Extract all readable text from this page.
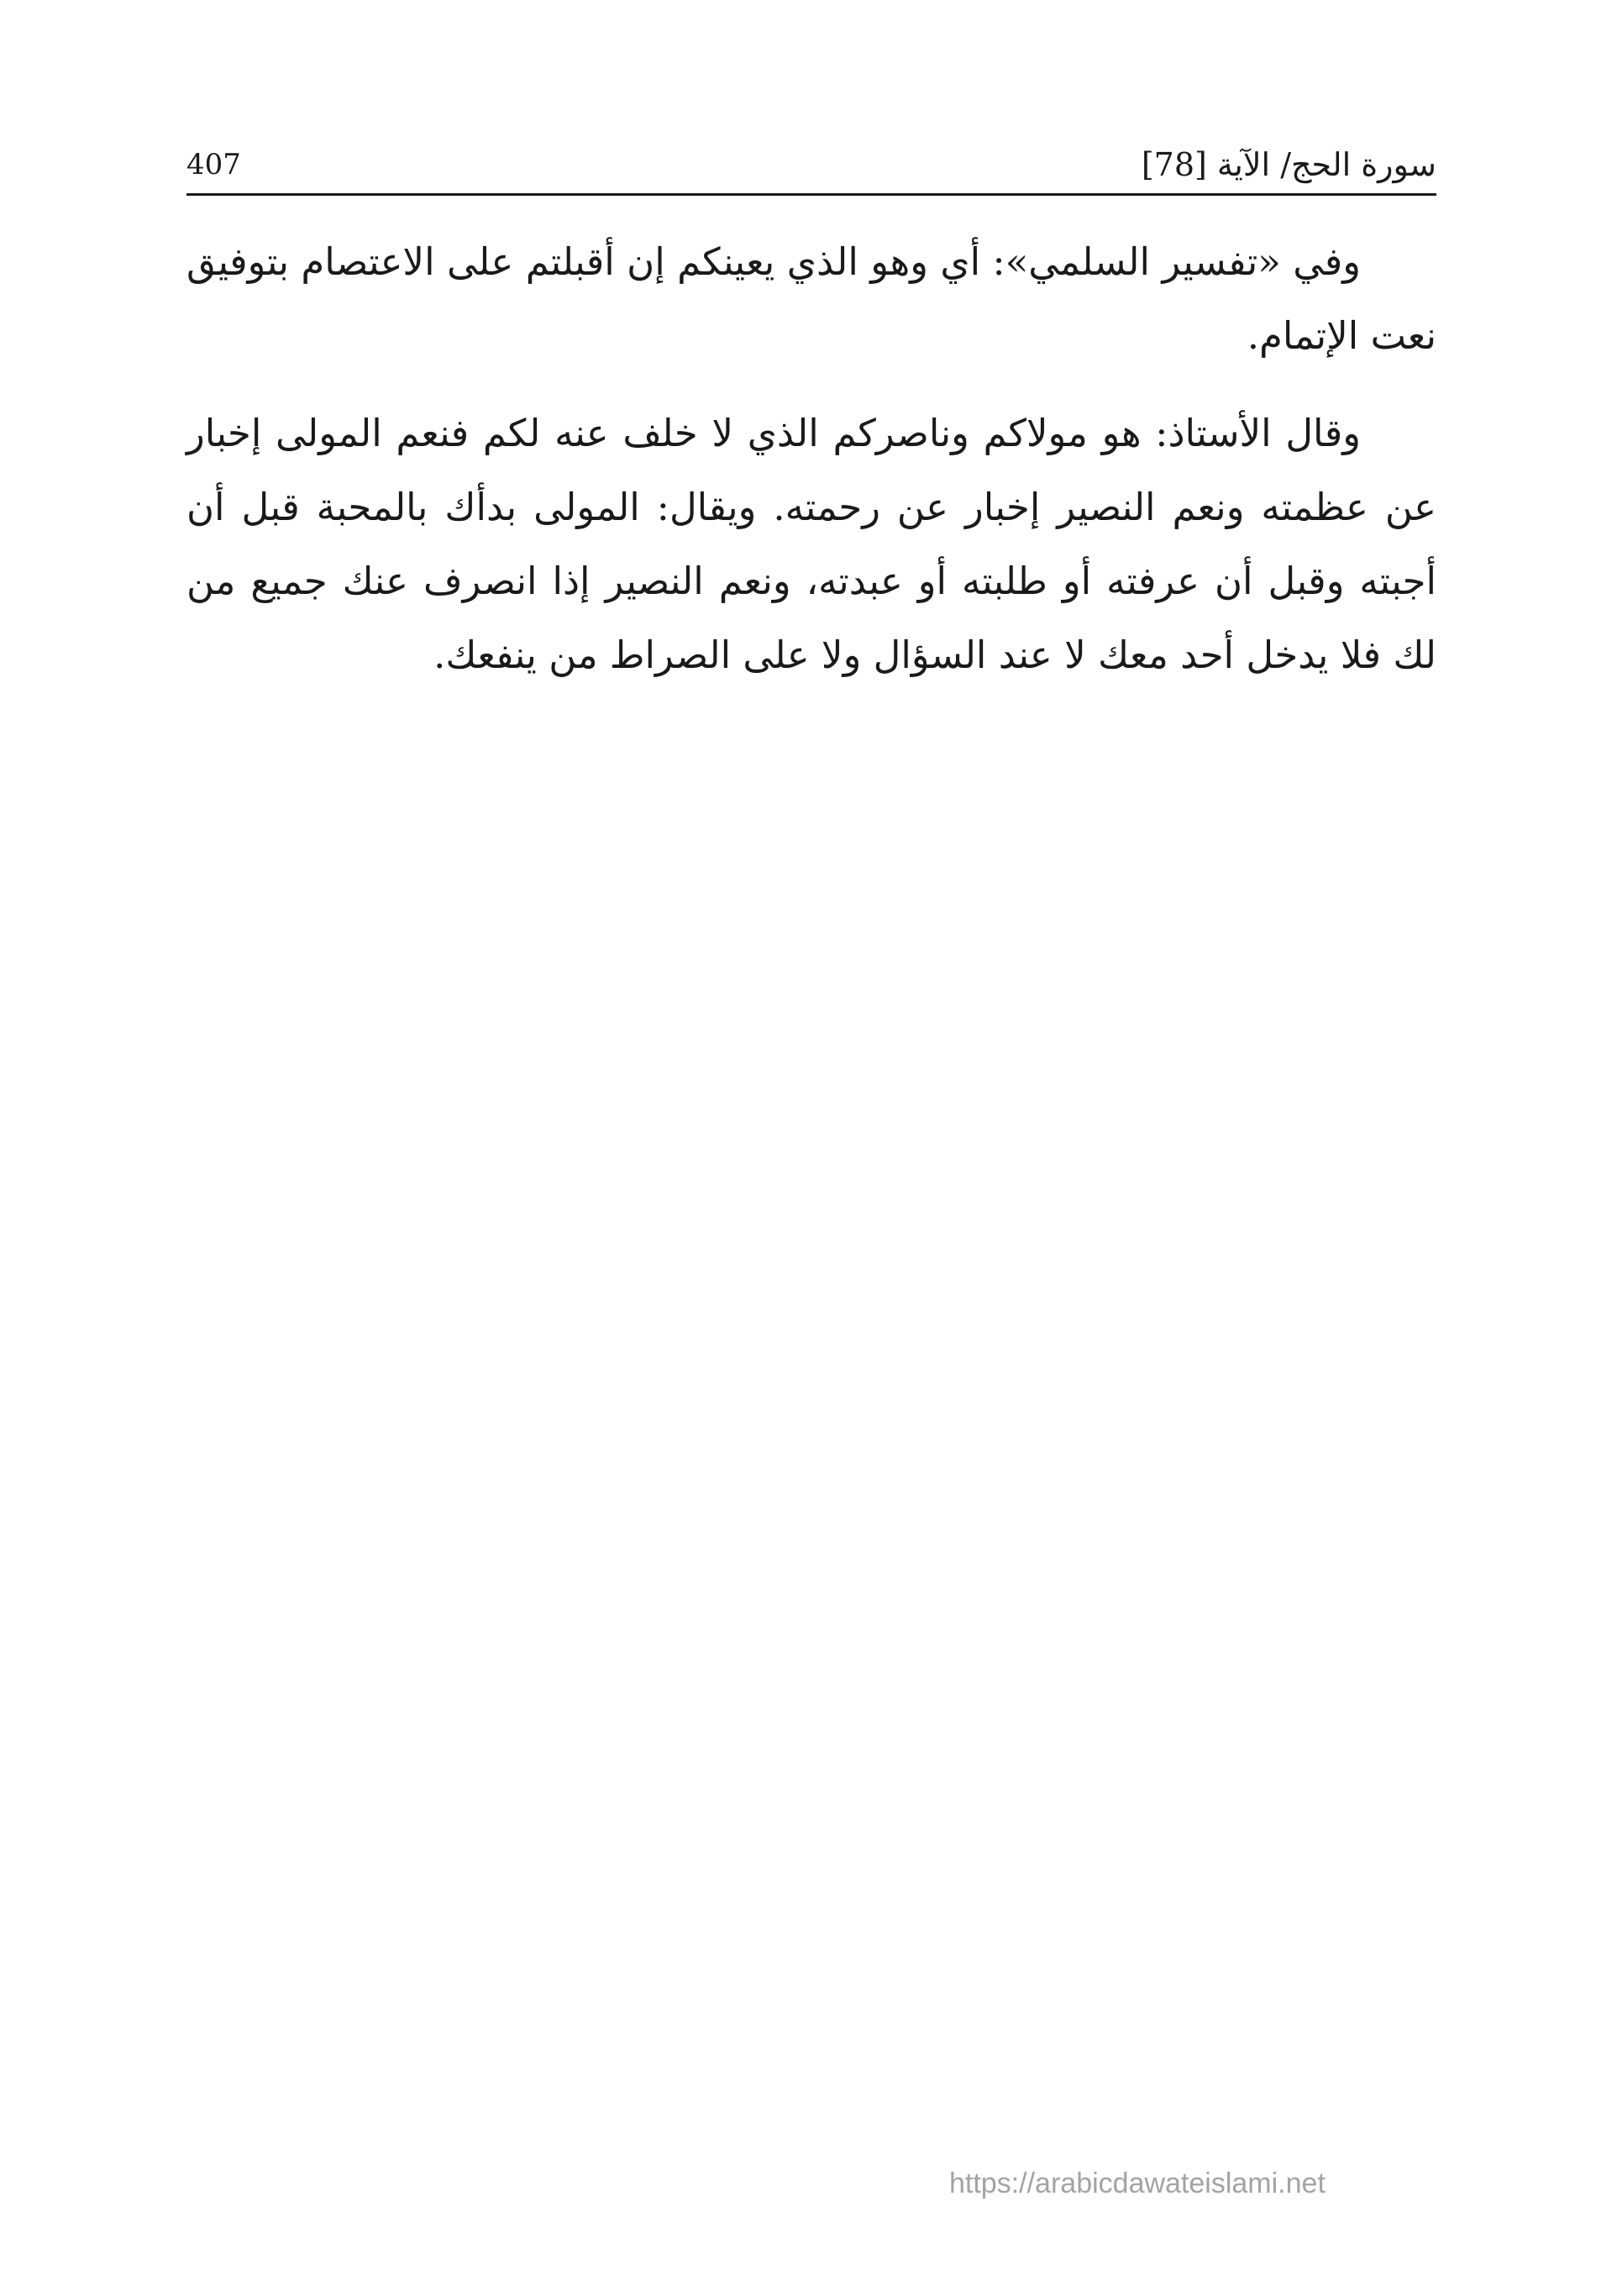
سورة الحج/ الآية [78]
407

وفي «تفسير السلمي»: أي وهو الذي يعينكم إن أقبلتم على الاعتصام بتوفيق نعت الإتمام.

وقال الأستاذ: هو مولاكم وناصركم الذي لا خلف عنه لكم فنعم المولى إخبار عن عظمته ونعم النصير إخبار عن رحمته. ويقال: المولى بدأك بالمحبة قبل أن أجبته وقبل أن عرفته أو طلبته أو عبدته، ونعم النصير إذا انصرف عنك جميع من لك فلا يدخل أحد معك لا عند السؤال ولا على الصراط من ينفعك.

https://arabicdawateislami.net
